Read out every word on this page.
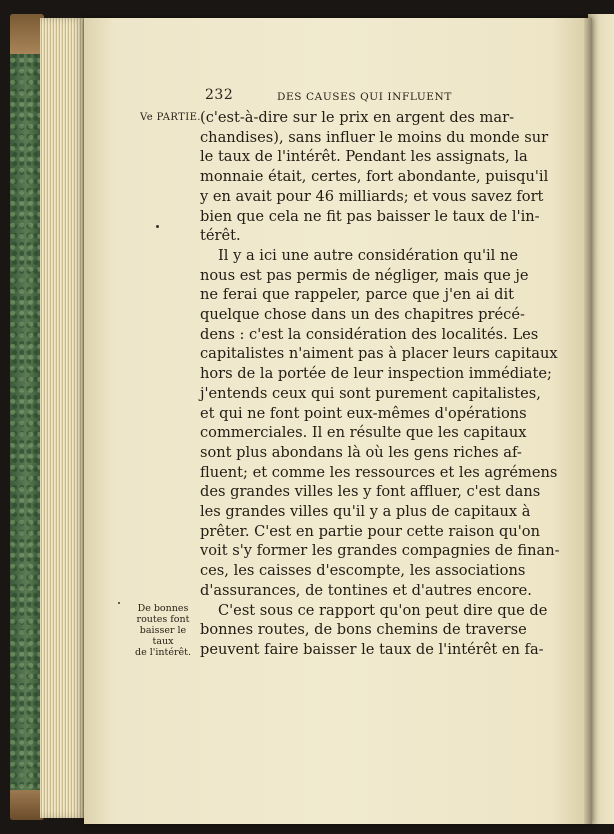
232	DES CAUSES QUI INFLUENT
Ve PARTIE. (c'est-à-dire sur le prix en argent des mar-
chandises), sans influer le moins du monde sur
le taux de l'intérêt. Pendant les assignats, la
monnaie était, certes, fort abondante, puisqu'il
y en avait pour 46 milliards; et vous savez fort
bien que cela ne fit pas baisser le taux de l'in-
térêt.
Il y a ici une autre considération qu'il ne
nous est pas permis de négliger, mais que je
ne ferai que rappeler, parce que j'en ai dit
quelque chose dans un des chapitres précé-
dens : c'est la considération des localités. Les
capitalistes n'aiment pas à placer leurs capitaux
hors de la portée de leur inspection immédiate;
j'entends ceux qui sont purement capitalistes,
et qui ne font point eux-mêmes d'opérations
commerciales. Il en résulte que les capitaux
sont plus abondans là où les gens riches af-
fluent; et comme les ressources et les agrémens
des grandes villes les y font affluer, c'est dans
les grandes villes qu'il y a plus de capitaux à
prêter. C'est en partie pour cette raison qu'on
voit s'y former les grandes compagnies de finan-
ces, les caisses d'escompte, les associations
d'assurances, de tontines et d'autres encore.
C'est sous ce rapport qu'on peut dire que de
bonnes routes, de bons chemins de traverse
peuvent faire baisser le taux de l'intérêt en fa-
De bonnes
routes font
baisser le taux
de l'intérêt.
